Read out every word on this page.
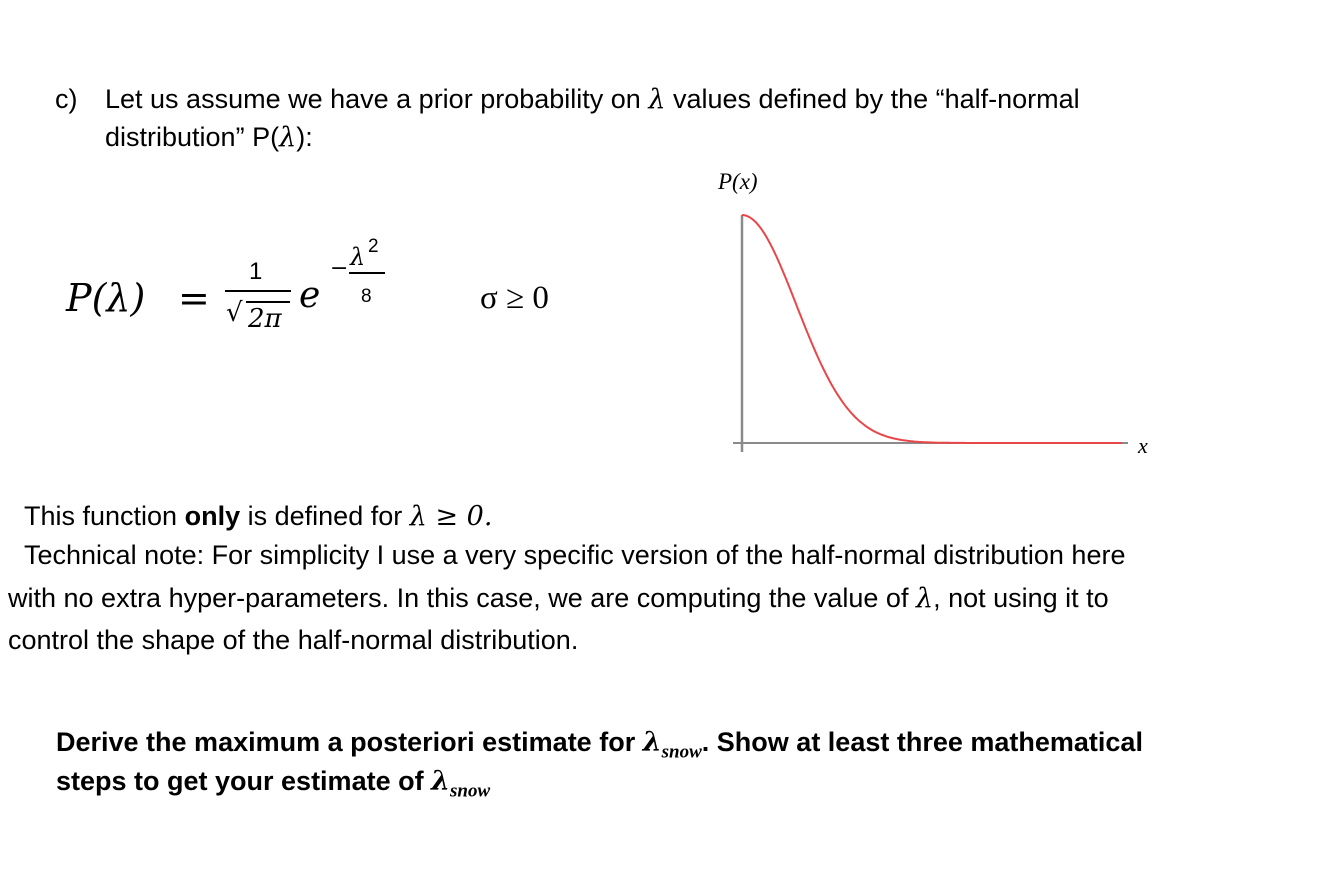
c) Let us assume we have a prior probability on λ values defined by the “half-normal
distribution” P(λ):
P(λ) =
1
√ 2π
e
− λ 2
8	σ ≥ 0
P(x)
x
This function only is defined for λ ≥ 0.
Technical note: For simplicity I use a very specific version of the half-normal distribution here
with no extra hyper-parameters. In this case, we are computing the value of λ, not using it to
control the shape of the half-normal distribution.
Derive the maximum a posteriori estimate for $\lambda_{snow}$. Show at least three mathematical
steps to get your estimate of $\lambda_{snow}$
